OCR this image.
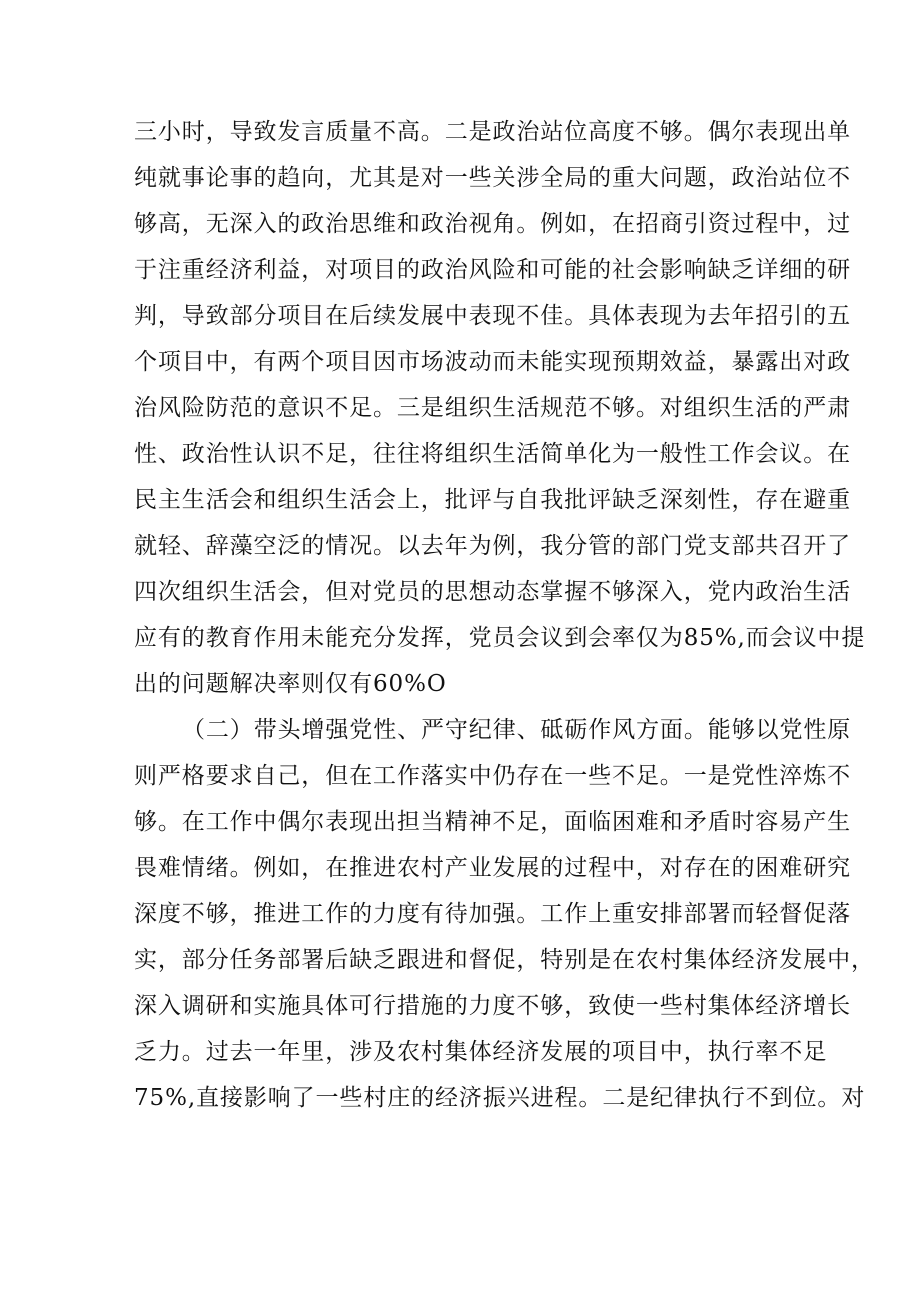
三小时，导致发言质量不高。二是政治站位高度不够。偶尔表现出单
纯就事论事的趋向，尤其是对一些关涉全局的重大问题，政治站位不
够高，无深入的政治思维和政治视角。例如，在招商引资过程中，过
于注重经济利益，对项目的政治风险和可能的社会影响缺乏详细的研
判，导致部分项目在后续发展中表现不佳。具体表现为去年招引的五
个项目中，有两个项目因市场波动而未能实现预期效益，暴露出对政
治风险防范的意识不足。三是组织生活规范不够。对组织生活的严肃
性、政治性认识不足，往往将组织生活简单化为一般性工作会议。在
民主生活会和组织生活会上，批评与自我批评缺乏深刻性，存在避重
就轻、辞藻空泛的情况。以去年为例，我分管的部门党支部共召开了
四次组织生活会，但对党员的思想动态掌握不够深入，党内政治生活
应有的教育作用未能充分发挥，党员会议到会率仅为85%,而会议中提
出的问题解决率则仅有60%O
（二）带头增强党性、严守纪律、砥砺作风方面。能够以党性原
则严格要求自己，但在工作落实中仍存在一些不足。一是党性淬炼不
够。在工作中偶尔表现出担当精神不足，面临困难和矛盾时容易产生
畏难情绪。例如，在推进农村产业发展的过程中，对存在的困难研究
深度不够，推进工作的力度有待加强。工作上重安排部署而轻督促落
实，部分任务部署后缺乏跟进和督促，特别是在农村集体经济发展中，
深入调研和实施具体可行措施的力度不够，致使一些村集体经济增长
乏力。过去一年里，涉及农村集体经济发展的项目中，执行率不足
75%,直接影响了一些村庄的经济振兴进程。二是纪律执行不到位。对
